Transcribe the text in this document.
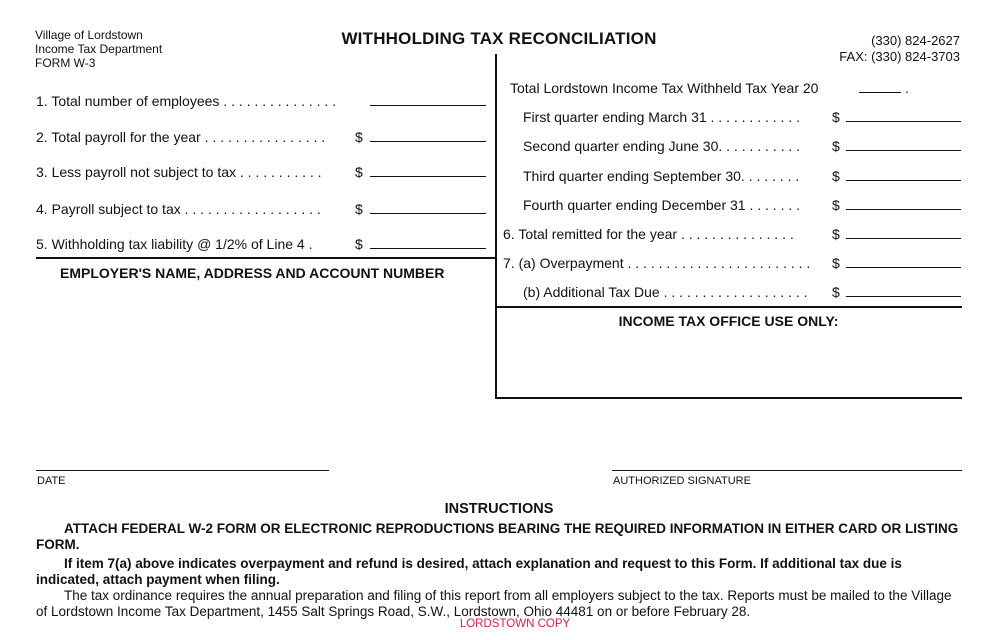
Village of Lordstown
Income Tax Department
FORM W-3
WITHHOLDING TAX RECONCILIATION	(330) 824-2627
FAX: (330) 824-3703
1. Total number of employees . . . . . . . . . . . . . . .
2. Total payroll for the year . . . . . . . . . . . . . . . . $
3. Less payroll not subject to tax . . . . . . . . . . . $
4. Payroll subject to tax . . . . . . . . . . . . . . . . . . $
5. Withholding tax liability @ 1/2% of Line 4 .	$
EMPLOYER'S NAME, ADDRESS AND ACCOUNT NUMBER
Total Lordstown Income Tax Withheld Tax Year 20	.
First quarter ending March 31 . . . . . . . . . . . . $
Second quarter ending June 30. . . . . . . . . . . $
Third quarter ending September 30. . . . . . . . $
Fourth quarter ending December 31 . . . . . . . $
6. Total remitted for the year . . . . . . . . . . . . . . .	$
7. (a) Overpayment . . . . . . . . . . . . . . . . . . . . . . . . $
(b) Additional Tax Due . . . . . . . . . . . . . . . . . . . $
INCOME TAX OFFICE USE ONLY:
DATE	AUTHORIZED SIGNATURE
INSTRUCTIONS
ATTACH FEDERAL W-2 FORM OR ELECTRONIC REPRODUCTIONS BEARING THE REQUIRED INFORMATION IN EITHER CARD OR LISTING FORM.
If item 7(a) above indicates overpayment and refund is desired, attach explanation and request to this Form. If additional tax due is indicated, attach payment when filing.
The tax ordinance requires the annual preparation and filing of this report from all employers subject to the tax. Reports must be mailed to the Village of Lordstown Income Tax Department, 1455 Salt Springs Road, S.W., Lordstown, Ohio 44481 on or before February 28.
LORDSTOWN COPY
